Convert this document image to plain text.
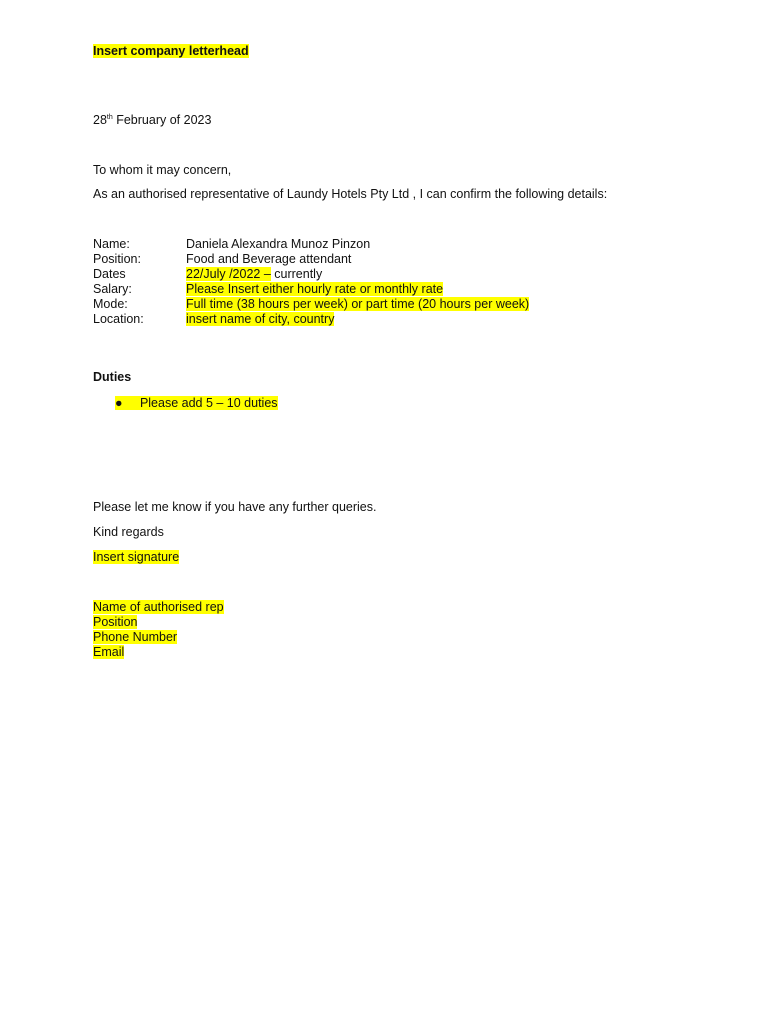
Insert company letterhead
28th February of 2023
To whom it may concern,
As an authorised representative of Laundy Hotels Pty Ltd , I can confirm the following details:
Name:	Daniela Alexandra Munoz Pinzon
Position:	Food and Beverage attendant
Dates	22/July /2022 – currently
Salary:	Please Insert either hourly rate or monthly rate
Mode:	Full time (38 hours per week) or part time (20 hours per week)
Location:	insert name of city, country
Duties
● Please add 5 – 10 duties
Please let me know if you have any further queries.
Kind regards
Insert signature
Name of authorised rep
Position
Phone Number
Email
